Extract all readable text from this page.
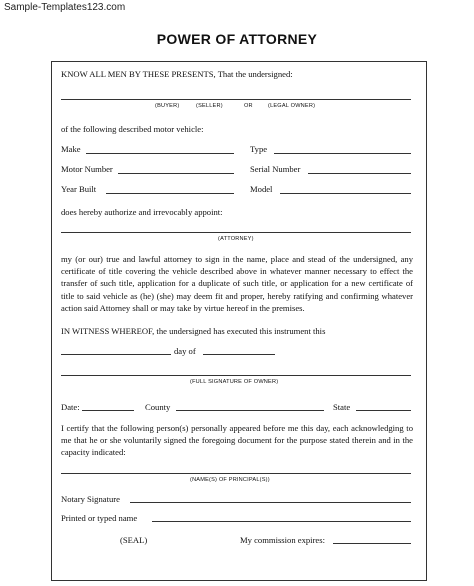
Sample-Templates123.com
POWER OF ATTORNEY
KNOW ALL MEN BY THESE PRESENTS, That the undersigned:
(BUYER)	(SELLER)	OR	(LEGAL OWNER)
of the following described motor vehicle:
Make	Type
Motor Number	Serial Number
Year Built	Model
does hereby authorize and irrevocably appoint:
(ATTORNEY)
my (or our) true and lawful attorney to sign in the name, place and stead of the undersigned, any certificate of title covering the vehicle described above in whatever manner necessary to effect the transfer of such title, application for a duplicate of such title, or application for a new certificate of title to said vehicle as (he) (she) may deem fit and proper, hereby ratifying and confirming whatever action said Attorney shall or may take by virtue hereof in the premises.
IN WITNESS WHEREOF, the undersigned has executed this instrument this
day of
(FULL SIGNATURE OF OWNER)
Date:	County	State
I certify that the following person(s) personally appeared before me this day, each acknowledging to me that he or she voluntarily signed the foregoing document for the purpose stated therein and in the capacity indicated:
(NAME(S) OF PRINCIPAL(S))
Notary Signature
Printed or typed name
(SEAL)	My commission expires:
